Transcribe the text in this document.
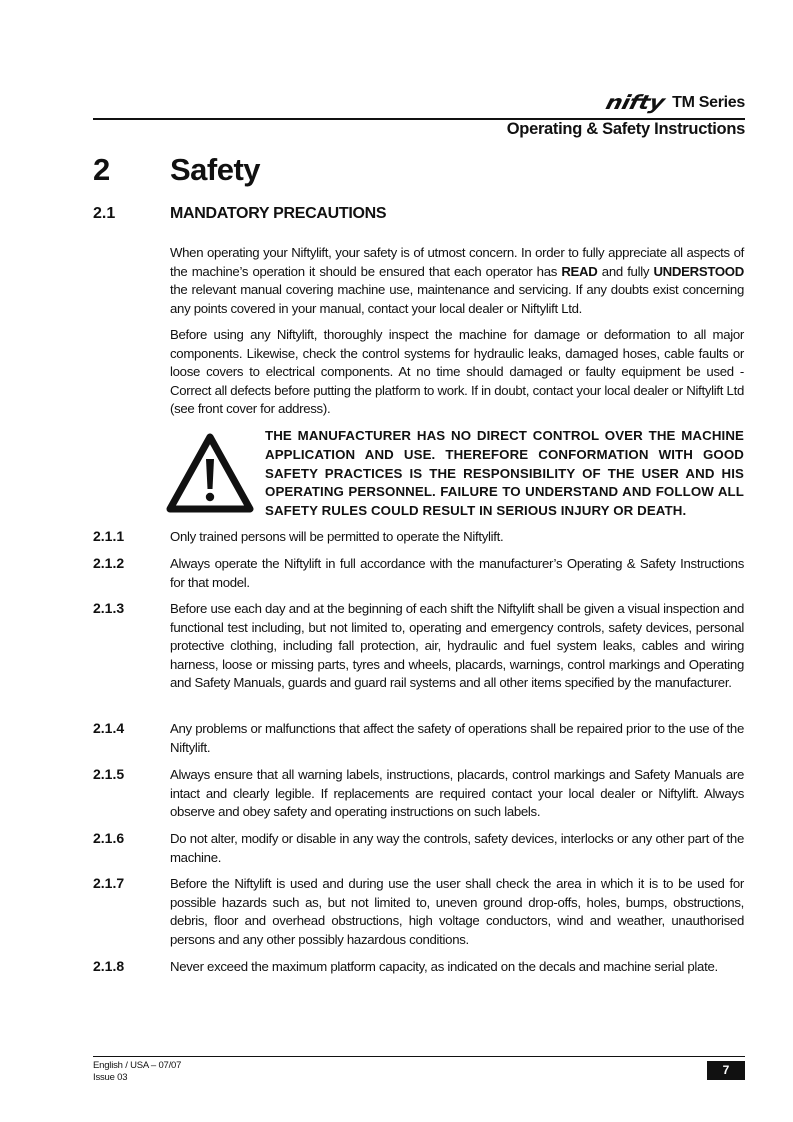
nifty TM Series
Operating & Safety Instructions
2 Safety
2.1	MANDATORY PRECAUTIONS
When operating your Niftylift, your safety is of utmost concern. In order to fully appreciate all aspects of the machine’s operation it should be ensured that each operator has READ and fully UNDERSTOOD the relevant manual covering machine use, maintenance and servicing. If any doubts exist concerning any points covered in your manual, contact your local dealer or Niftylift Ltd.
Before using any Niftylift, thoroughly inspect the machine for damage or deformation to all major components. Likewise, check the control systems for hydraulic leaks, damaged hoses, cable faults or loose covers to electrical components. At no time should damaged or faulty equipment be used - Correct all defects before putting the platform to work. If in doubt, contact your local dealer or Niftylift Ltd (see front cover for address).
THE MANUFACTURER HAS NO DIRECT CONTROL OVER THE MACHINE APPLICATION AND USE. THEREFORE CONFORMATION WITH GOOD SAFETY PRACTICES IS THE RESPONSIBILITY OF THE USER AND HIS OPERATING PERSONNEL. FAILURE TO UNDERSTAND AND FOLLOW ALL SAFETY RULES COULD RESULT IN SERIOUS INJURY OR DEATH.
2.1.1	Only trained persons will be permitted to operate the Niftylift.
2.1.2	Always operate the Niftylift in full accordance with the manufacturer’s Operating & Safety Instructions for that model.
2.1.3	Before use each day and at the beginning of each shift the Niftylift shall be given a visual inspection and functional test including, but not limited to, operating and emergency controls, safety devices, personal protective clothing, including fall protection, air, hydraulic and fuel system leaks, cables and wiring harness, loose or missing parts, tyres and wheels, placards, warnings, control markings and Operating and Safety Manuals, guards and guard rail systems and all other items specified by the manufacturer.
2.1.4	Any problems or malfunctions that affect the safety of operations shall be repaired prior to the use of the Niftylift.
2.1.5	Always ensure that all warning labels, instructions, placards, control markings and Safety Manuals are intact and clearly legible. If replacements are required contact your local dealer or Niftylift. Always observe and obey safety and operating instructions on such labels.
2.1.6	Do not alter, modify or disable in any way the controls, safety devices, interlocks or any other part of the machine.
2.1.7	Before the Niftylift is used and during use the user shall check the area in which it is to be used for possible hazards such as, but not limited to, uneven ground drop-offs, holes, bumps, obstructions, debris, floor and overhead obstructions, high voltage conductors, wind and weather, unauthorised persons and any other possibly hazardous conditions.
2.1.8	Never exceed the maximum platform capacity, as indicated on the decals and machine serial plate.
English / USA – 07/07
Issue 03
7
